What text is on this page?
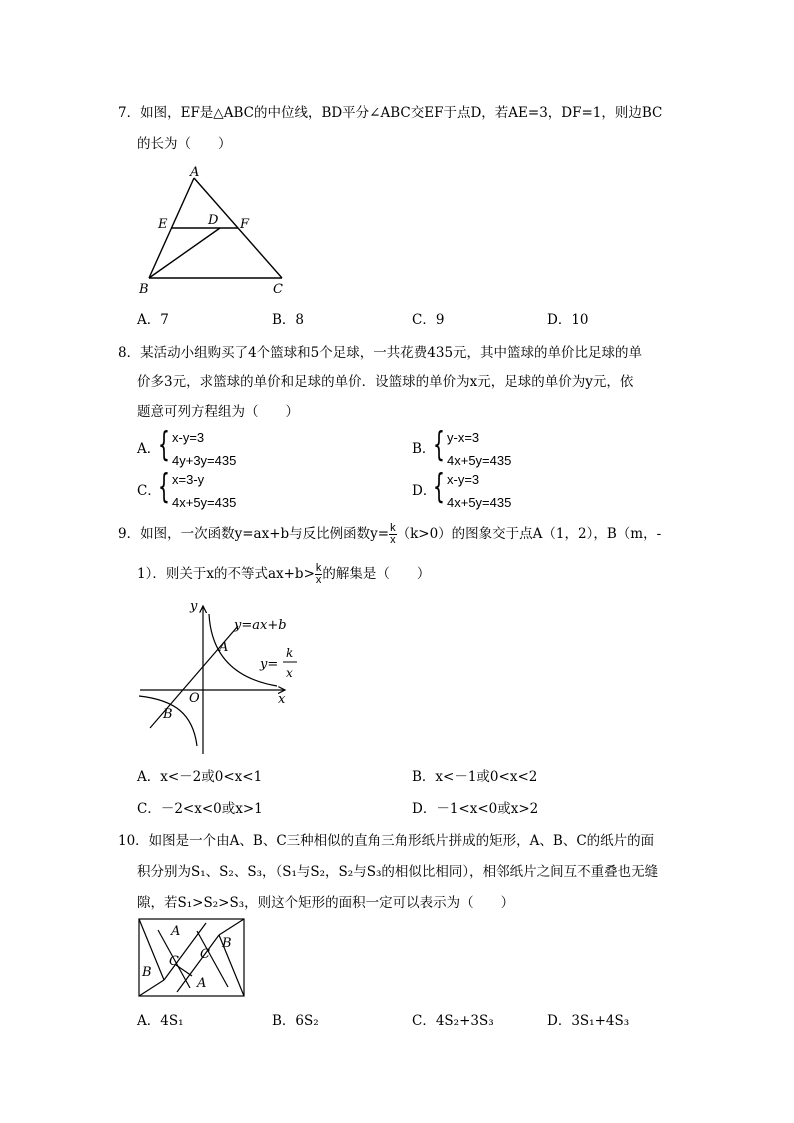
7．如图，EF是△ABC的中位线，BD平分∠ABC交EF于点D，若AE=3，DF=1，则边BC
的长为（　　）
A
E	D F
B	C
A．7	B．8	C．9	D．10
8．某活动小组购买了4个篮球和5个足球，一共花费435元，其中篮球的单价比足球的单
价多3元，求篮球的单价和足球的单价．设篮球的单价为x元，足球的单价为y元，依
题意可列方程组为（　　）
A．
{ x-y=3
4y+3y=435
B．
{ y-x=3
4x+5y=435
C．
{ x=3-y
4x+5y=435
D．
{ x-y=3
4x+5y=435
9．如图，一次函数y=ax+b与反比例函数$y= \frac{k}{x} (k>0)$的图象交于点A（1，2），B（m，-
1）．则关于x的不等式$ax+b> \frac{k}{x}$ 的解集是（　　）
y
x
O
A
B
y=ax+b
y=
k
x
A．x<－2或0<x<1	B．x<－1或0<x<2
C．－2<x<0或x>1	D．－1<x<0或x>2
10．如图是一个由A、B、C三种相似的直角三角形纸片拼成的矩形，A、B、C的纸片的面
积分别为S₁、S₂、S₃，（S₁与S₂，S₂与S₃的相似比相同），相邻纸片之间互不重叠也无缝
隙，若S₁>S₂>S₃，则这个矩形的面积一定可以表示为（　　）
A
A
B
B
C C
A．4S₁	B．6S₂	C．4S₂+3S₃	D．3S₁+4S₃
